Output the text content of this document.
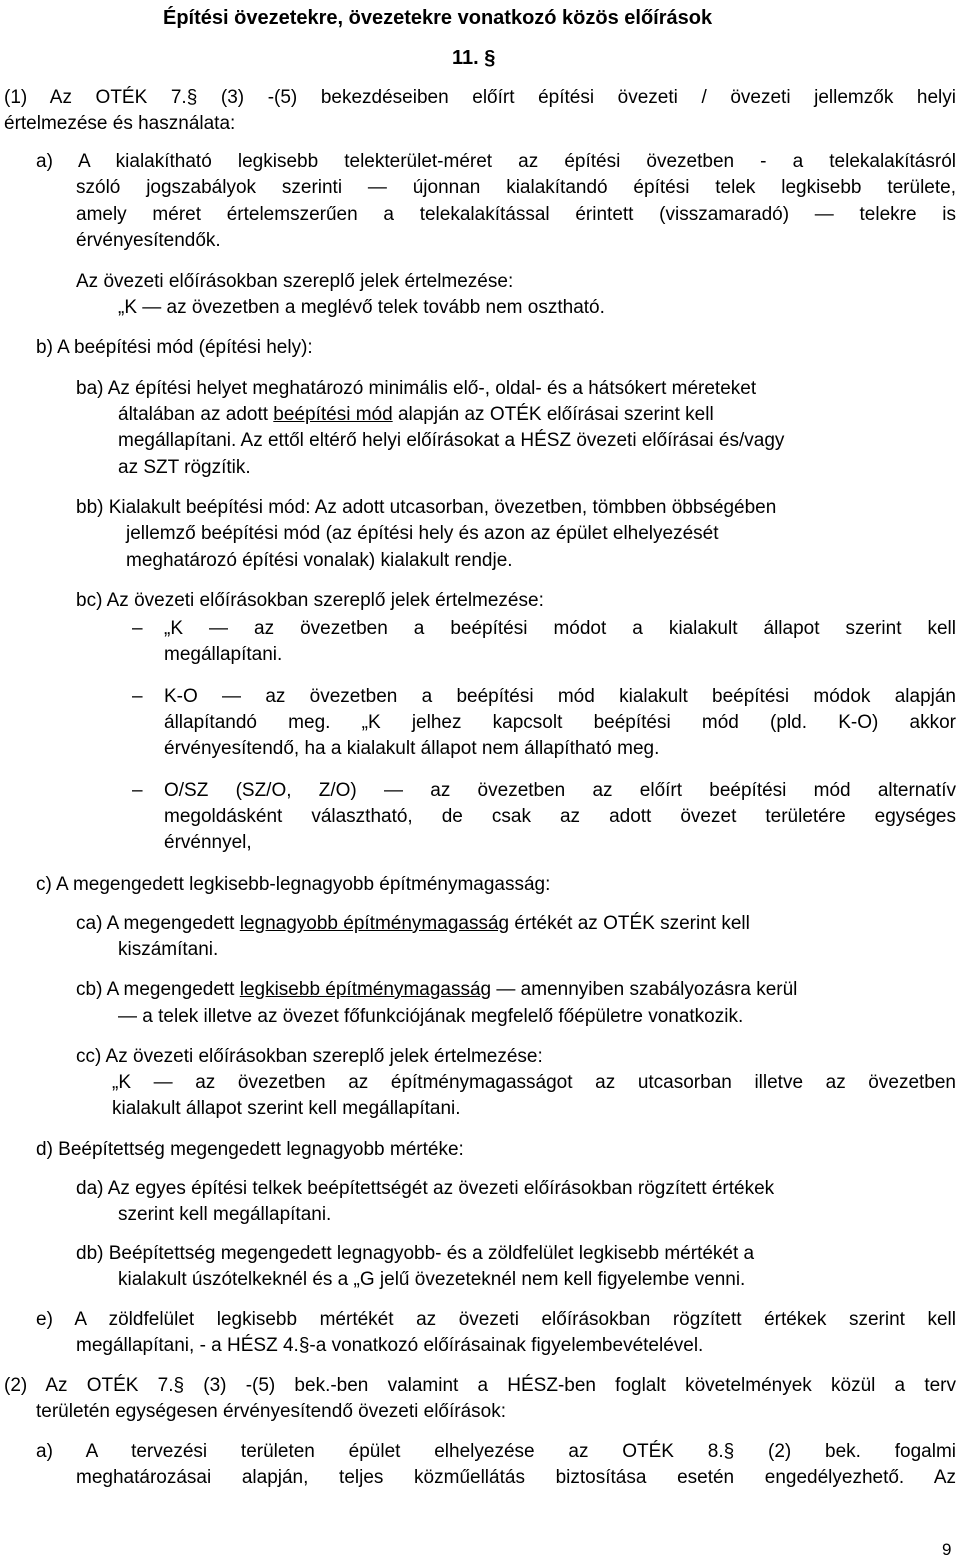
Építési övezetekre, övezetekre vonatkozó közös előírások
11. §
(1) Az OTÉK 7.§ (3) -(5) bekezdéseiben előírt építési övezeti / övezeti jellemzők helyi
értelmezése és használata:
a) A kialakítható legkisebb telekterület-méret az építési övezetben - a telekalakításról
szóló jogszabályok szerinti ― újonnan kialakítandó építési telek legkisebb területe,
amely méret értelemszerűen a telekalakítással érintett (visszamaradó) ― telekre is
érvényesítendők.
Az övezeti előírásokban szereplő jelek értelmezése:
„K ― az övezetben a meglévő telek tovább nem osztható.
b) A beépítési mód (építési hely):
ba) Az építési helyet meghatározó minimális elő-, oldal- és a hátsókert méreteket
általában az adott beépítési mód alapján az OTÉK előírásai szerint kell
megállapítani. Az ettől eltérő helyi előírásokat a HÉSZ övezeti előírásai és/vagy
az SZT rögzítik.
bb) Kialakult beépítési mód: Az adott utcasorban, övezetben, tömbben öbbségében
jellemző beépítési mód (az építési hely és azon az épület elhelyezését
meghatározó építési vonalak) kialakult rendje.
bc) Az övezeti előírásokban szereplő jelek értelmezése:
– „K ― az övezetben a beépítési módot a kialakult állapot szerint kell
megállapítani.
– K-O ― az övezetben a beépítési mód kialakult beépítési módok alapján
állapítandó meg. „K jelhez kapcsolt beépítési mód (pld. K-O) akkor
érvényesítendő, ha a kialakult állapot nem állapítható meg.
– O/SZ (SZ/O, Z/O) ― az övezetben az előírt beépítési mód alternatív
megoldásként választható, de csak az adott övezet területére egységes
érvénnyel,
c) A megengedett legkisebb-legnagyobb építménymagasság:
ca) A megengedett legnagyobb építménymagasság értékét az OTÉK szerint kell
kiszámítani.
cb) A megengedett legkisebb építménymagasság ― amennyiben szabályozásra kerül
― a telek illetve az övezet főfunkciójának megfelelő főépületre vonatkozik.
cc) Az övezeti előírásokban szereplő jelek értelmezése:
„K ― az övezetben az építménymagasságot az utcasorban illetve az övezetben
kialakult állapot szerint kell megállapítani.
d) Beépítettség megengedett legnagyobb mértéke:
da) Az egyes építési telkek beépítettségét az övezeti előírásokban rögzített értékek
szerint kell megállapítani.
db) Beépítettség megengedett legnagyobb- és a zöldfelület legkisebb mértékét a
kialakult úszótelkeknél és a „G jelű övezeteknél nem kell figyelembe venni.
e) A zöldfelület legkisebb mértékét az övezeti előírásokban rögzített értékek szerint kell
megállapítani, - a HÉSZ 4.§-a vonatkozó előírásainak figyelembevételével.
(2) Az OTÉK 7.§ (3) -(5) bek.-ben valamint a HÉSZ-ben foglalt követelmények közül a terv
területén egységesen érvényesítendő övezeti előírások:
a) A tervezési területen épület elhelyezése az OTÉK 8.§ (2) bek. fogalmi
meghatározásai alapján, teljes közműellátás biztosítása esetén engedélyezhető. Az
9
